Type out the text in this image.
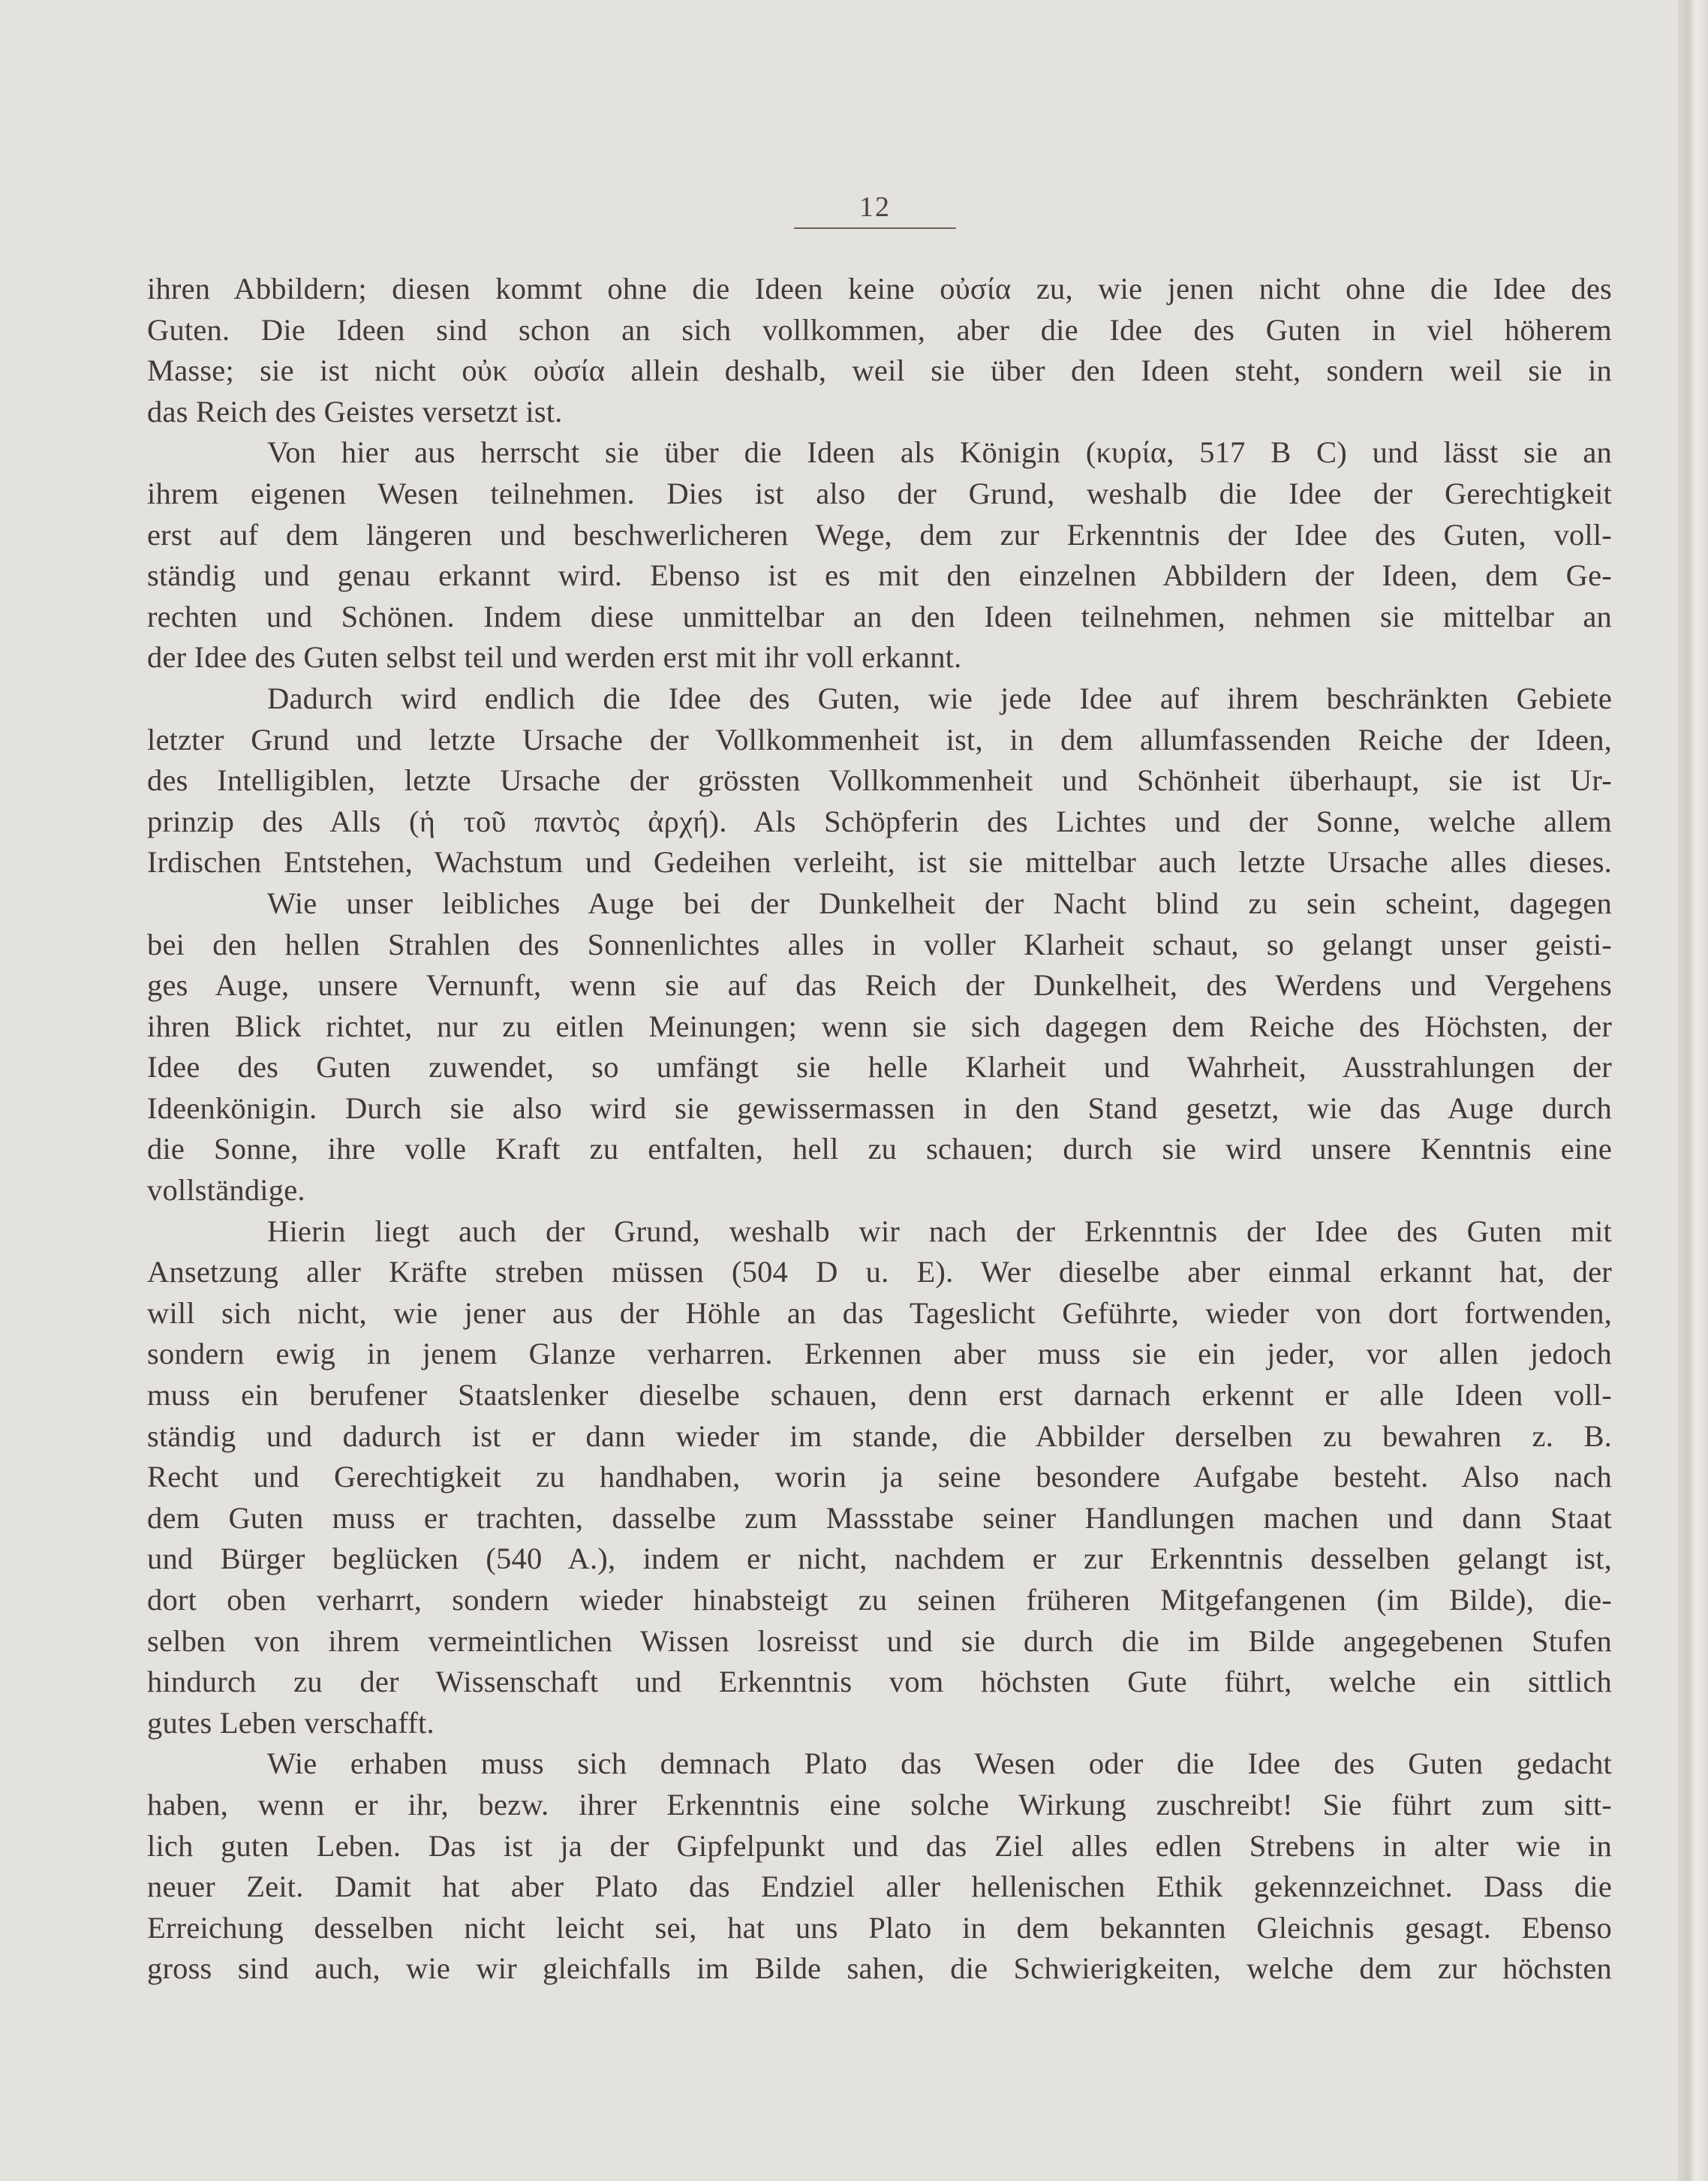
12
ihren Abbildern; diesen kommt ohne die Ideen keine οὐσία zu, wie jenen nicht ohne die Idee des
Guten. Die Ideen sind schon an sich vollkommen, aber die Idee des Guten in viel höherem
Masse; sie ist nicht οὐκ οὐσία allein deshalb, weil sie über den Ideen steht, sondern weil sie in
das Reich des Geistes versetzt ist.
Von hier aus herrscht sie über die Ideen als Königin (κυρία, 517 B C) und lässt sie an
ihrem eigenen Wesen teilnehmen. Dies ist also der Grund, weshalb die Idee der Gerechtigkeit
erst auf dem längeren und beschwerlicheren Wege, dem zur Erkenntnis der Idee des Guten, voll-
ständig und genau erkannt wird. Ebenso ist es mit den einzelnen Abbildern der Ideen, dem Ge-
rechten und Schönen. Indem diese unmittelbar an den Ideen teilnehmen, nehmen sie mittelbar an
der Idee des Guten selbst teil und werden erst mit ihr voll erkannt.
Dadurch wird endlich die Idee des Guten, wie jede Idee auf ihrem beschränkten Gebiete
letzter Grund und letzte Ursache der Vollkommenheit ist, in dem allumfassenden Reiche der Ideen,
des Intelligiblen, letzte Ursache der grössten Vollkommenheit und Schönheit überhaupt, sie ist Ur-
prinzip des Alls (ἡ τοῦ παντὸς ἀρχή). Als Schöpferin des Lichtes und der Sonne, welche allem
Irdischen Entstehen, Wachstum und Gedeihen verleiht, ist sie mittelbar auch letzte Ursache alles dieses.
Wie unser leibliches Auge bei der Dunkelheit der Nacht blind zu sein scheint, dagegen
bei den hellen Strahlen des Sonnenlichtes alles in voller Klarheit schaut, so gelangt unser geisti-
ges Auge, unsere Vernunft, wenn sie auf das Reich der Dunkelheit, des Werdens und Vergehens
ihren Blick richtet, nur zu eitlen Meinungen; wenn sie sich dagegen dem Reiche des Höchsten, der
Idee des Guten zuwendet, so umfängt sie helle Klarheit und Wahrheit, Ausstrahlungen der
Ideenkönigin. Durch sie also wird sie gewissermassen in den Stand gesetzt, wie das Auge durch
die Sonne, ihre volle Kraft zu entfalten, hell zu schauen; durch sie wird unsere Kenntnis eine
vollständige.
Hierin liegt auch der Grund, weshalb wir nach der Erkenntnis der Idee des Guten mit
Ansetzung aller Kräfte streben müssen (504 D u. E). Wer dieselbe aber einmal erkannt hat, der
will sich nicht, wie jener aus der Höhle an das Tageslicht Geführte, wieder von dort fortwenden,
sondern ewig in jenem Glanze verharren. Erkennen aber muss sie ein jeder, vor allen jedoch
muss ein berufener Staatslenker dieselbe schauen, denn erst darnach erkennt er alle Ideen voll-
ständig und dadurch ist er dann wieder im stande, die Abbilder derselben zu bewahren z. B.
Recht und Gerechtigkeit zu handhaben, worin ja seine besondere Aufgabe besteht. Also nach
dem Guten muss er trachten, dasselbe zum Massstabe seiner Handlungen machen und dann Staat
und Bürger beglücken (540 A.), indem er nicht, nachdem er zur Erkenntnis desselben gelangt ist,
dort oben verharrt, sondern wieder hinabsteigt zu seinen früheren Mitgefangenen (im Bilde), die-
selben von ihrem vermeintlichen Wissen losreisst und sie durch die im Bilde angegebenen Stufen
hindurch zu der Wissenschaft und Erkenntnis vom höchsten Gute führt, welche ein sittlich
gutes Leben verschafft.
Wie erhaben muss sich demnach Plato das Wesen oder die Idee des Guten gedacht
haben, wenn er ihr, bezw. ihrer Erkenntnis eine solche Wirkung zuschreibt! Sie führt zum sitt-
lich guten Leben. Das ist ja der Gipfelpunkt und das Ziel alles edlen Strebens in alter wie in
neuer Zeit. Damit hat aber Plato das Endziel aller hellenischen Ethik gekennzeichnet. Dass die
Erreichung desselben nicht leicht sei, hat uns Plato in dem bekannten Gleichnis gesagt. Ebenso
gross sind auch, wie wir gleichfalls im Bilde sahen, die Schwierigkeiten, welche dem zur höchsten
